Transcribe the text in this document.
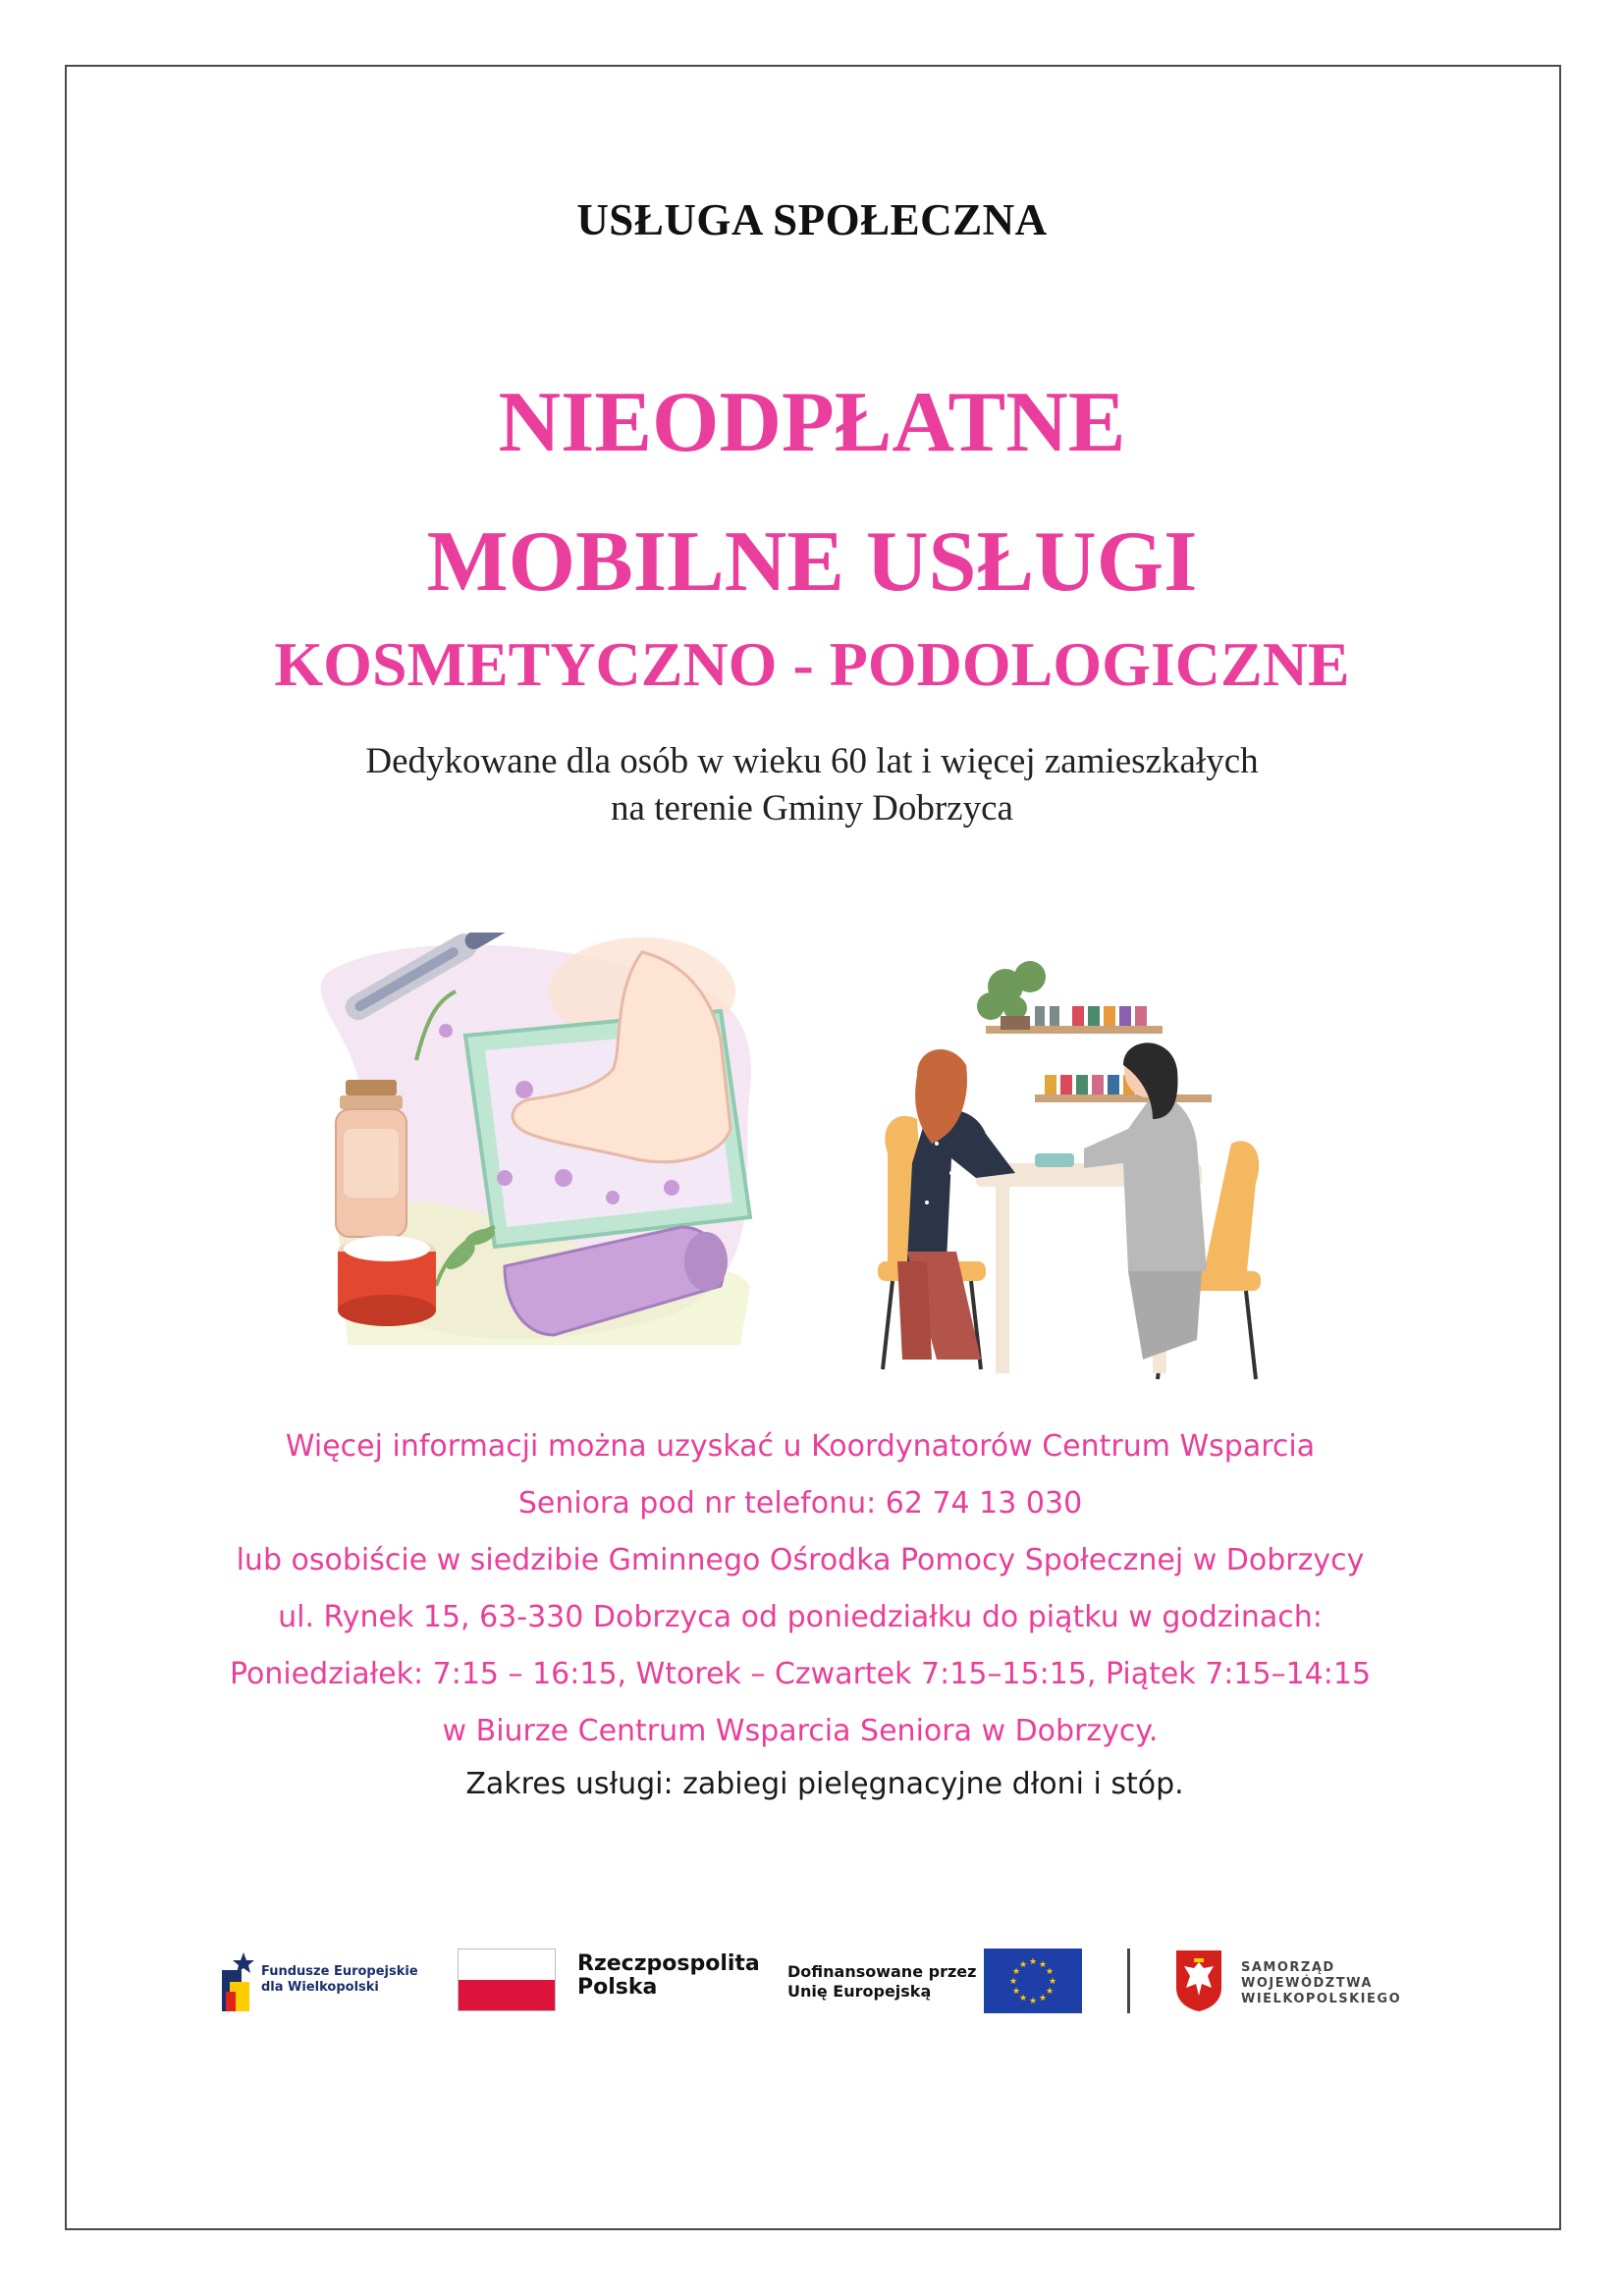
USŁUGA SPOŁECZNA
NIEODPŁATNE
MOBILNE USŁUGI
KOSMETYCZNO - PODOLOGICZNE
Dedykowane dla osób w wieku 60 lat i więcej zamieszkałych
na terenie Gminy Dobrzyca
Więcej informacji można uzyskać u Koordynatorów Centrum Wsparcia
Seniora pod nr telefonu: 62 74 13 030
lub osobiście w siedzibie Gminnego Ośrodka Pomocy Społecznej w Dobrzycy
ul. Rynek 15, 63-330 Dobrzyca od poniedziałku do piątku w godzinach:
Poniedziałek: 7:15 – 16:15, Wtorek – Czwartek 7:15–15:15, Piątek 7:15–14:15
w Biurze Centrum Wsparcia Seniora w Dobrzycy.
Zakres usługi: zabiegi pielęgnacyjne dłoni i stóp.
Fundusze Europejskie
dla Wielkopolski
Rzeczpospolita
Polska
Dofinansowane przez
Unię Europejską
★ ★
★
★
★
★
★
★
★
★
★
★	SAMORZĄD
WOJEWÓDZTWA
WIELKOPOLSKIEGO
